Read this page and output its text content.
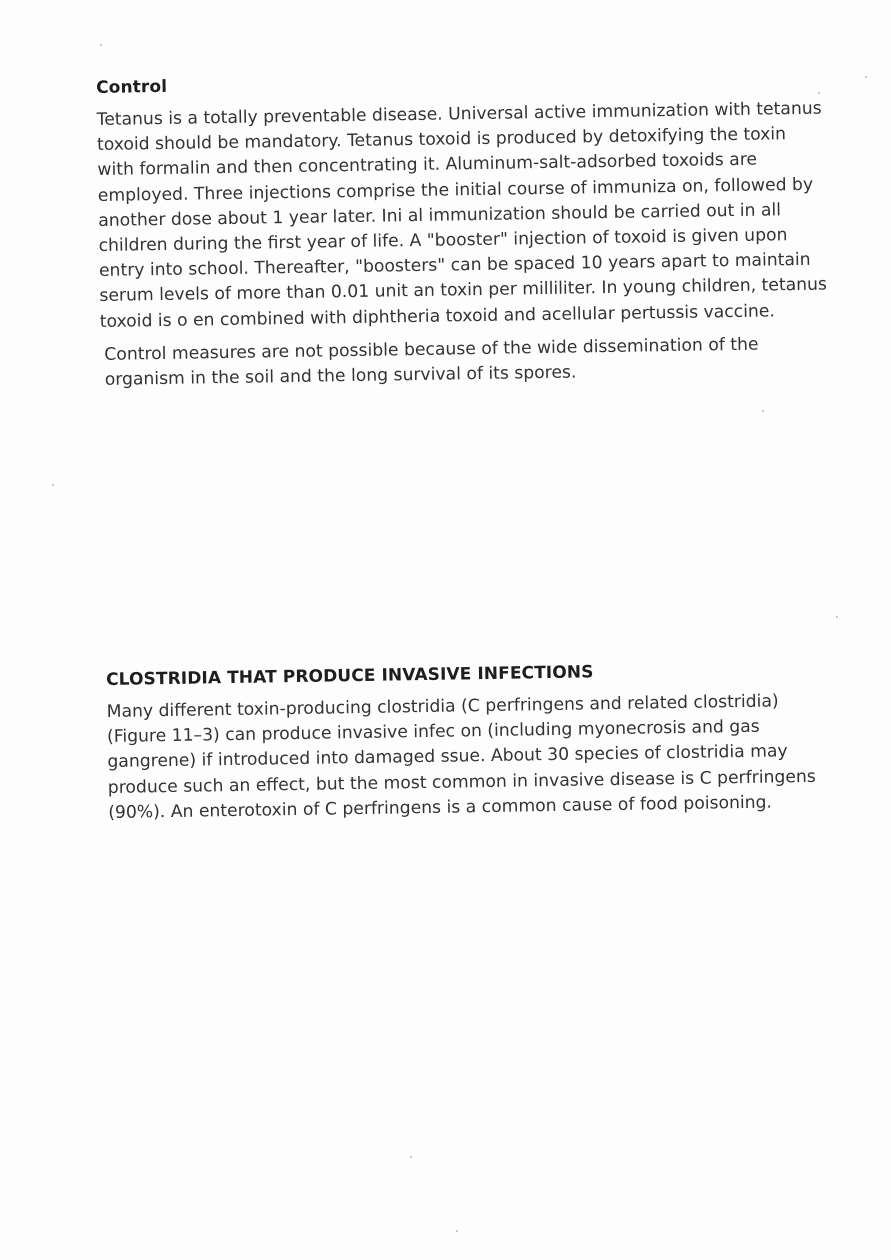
Control

Tetanus is a totally preventable disease. Universal active immunization with tetanus toxoid should be mandatory. Tetanus toxoid is produced by detoxifying the toxin with formalin and then concentrating it. Aluminum-salt-adsorbed toxoids are employed. Three injections comprise the initial course of immuniza on, followed by another dose about 1 year later. Ini al immunization should be carried out in all children during the first year of life. A "booster" injection of toxoid is given upon entry into school. Thereafter, "boosters" can be spaced 10 years apart to maintain serum levels of more than 0.01 unit an toxin per milliliter. In young children, tetanus toxoid is o en combined with diphtheria toxoid and acellular pertussis vaccine.

Control measures are not possible because of the wide dissemination of the organism in the soil and the long survival of its spores.

CLOSTRIDIA THAT PRODUCE INVASIVE INFECTIONS

Many different toxin-producing clostridia (C perfringens and related clostridia) (Figure 11–3) can produce invasive infec on (including myonecrosis and gas gangrene) if introduced into damaged ssue. About 30 species of clostridia may produce such an effect, but the most common in invasive disease is C perfringens (90%). An enterotoxin of C perfringens is a common cause of food poisoning.
